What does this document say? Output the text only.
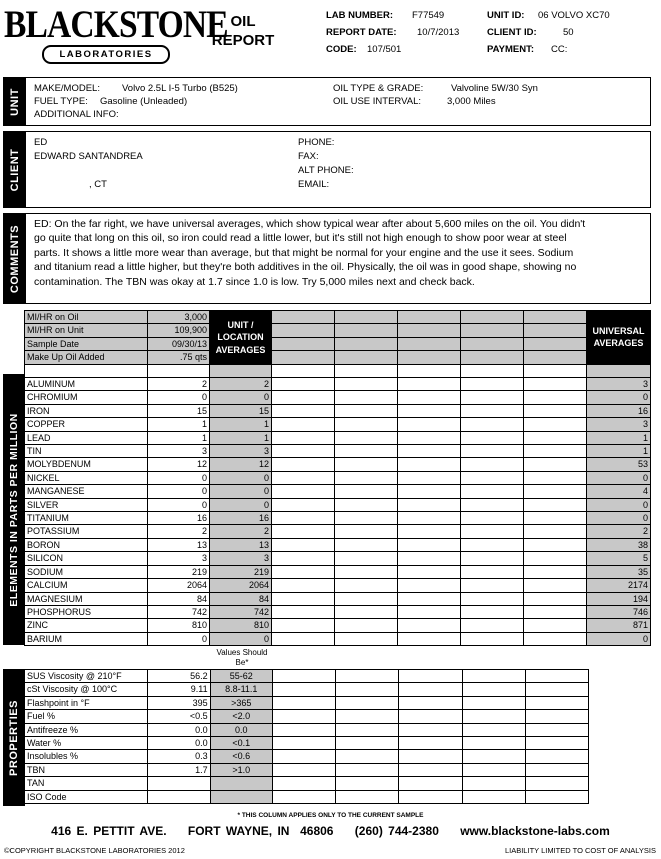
BLACKSTONE
LABORATORIES
OIL
REPORT
LAB NUMBER: F77549
REPORT DATE: 10/7/2013
CODE: 107/501
UNIT ID: 06 VOLVO XC70
CLIENT ID:	50
PAYMENT: CC:
UNIT MAKE/MODEL: Volvo 2.5L I-5 Turbo (B525)
FUEL TYPE: Gasoline (Unleaded)
ADDITIONAL INFO:
OIL TYPE & GRADE:	Valvoline 5W/30 Syn
OIL USE INTERVAL:	3,000 Miles
CLIENT
ED
EDWARD SANTANDREA
, CT
PHONE:
FAX:
ALT PHONE:
EMAIL:
COMMENTS
ED: On the far right, we have universal averages, which show typical wear after about 5,600 miles on the oil. You didn't go quite that long on this oil, so iron could read a little lower, but it's still not high enough to show poor wear at steel parts. It shows a little more wear than average, but that might be normal for your engine and the use it sees. Sodium and titanium read a little higher, but they're both additives in the oil. Physically, the oil was in good shape, showing no contamination. The TBN was okay at 1.7 since 1.0 is low. Try 5,000 miles next and check back.
ELEMENTS IN PARTS PER MILLION
MI/HR on Oil	3,000	UNIT / LOCATION AVERAGES						UNIVERSAL AVERAGES
MI/HR on Unit	109,900							
Sample Date	09/30/13							
Make Up Oil Added	.75 qts							

ALUMINUM	2	2						3
CHROMIUM	0	0						0
IRON	15	15						16
COPPER	1	1						3
LEAD	1	1						1
TIN	3	3						1
MOLYBDENUM	12	12						53
NICKEL	0	0						0
MANGANESE	0	0						4
SILVER	0	0						0
TITANIUM	16	16						0
POTASSIUM	2	2						2
BORON	13	13						38
SILICON	3	3						5
SODIUM	219	219						35
CALCIUM	2064	2064						2174
MAGNESIUM	84	84						194
PHOSPHORUS	742	742						746
ZINC	810	810						871
BARIUM	0	0						0
Values Should Be*
PROPERTIES
SUS Viscosity @ 210°F	56.2	55-62					
cSt Viscosity @ 100°C	9.11	8.8-11.1					
Flashpoint in °F	395	>365					
Fuel %	<0.5	<2.0					
Antifreeze %	0.0	0.0					
Water %	0.0	<0.1					
Insolubles %	0.3	<0.6					
TBN	1.7	>1.0					
TAN							
ISO Code							
* THIS COLUMN APPLIES ONLY TO THE CURRENT SAMPLE
416 E. PETTIT AVE.    FORT WAYNE, IN  46806    (260) 744-2380    www.blackstone-labs.com
©COPYRIGHT BLACKSTONE LABORATORIES 2012	LIABILITY LIMITED TO COST OF ANALYSIS
